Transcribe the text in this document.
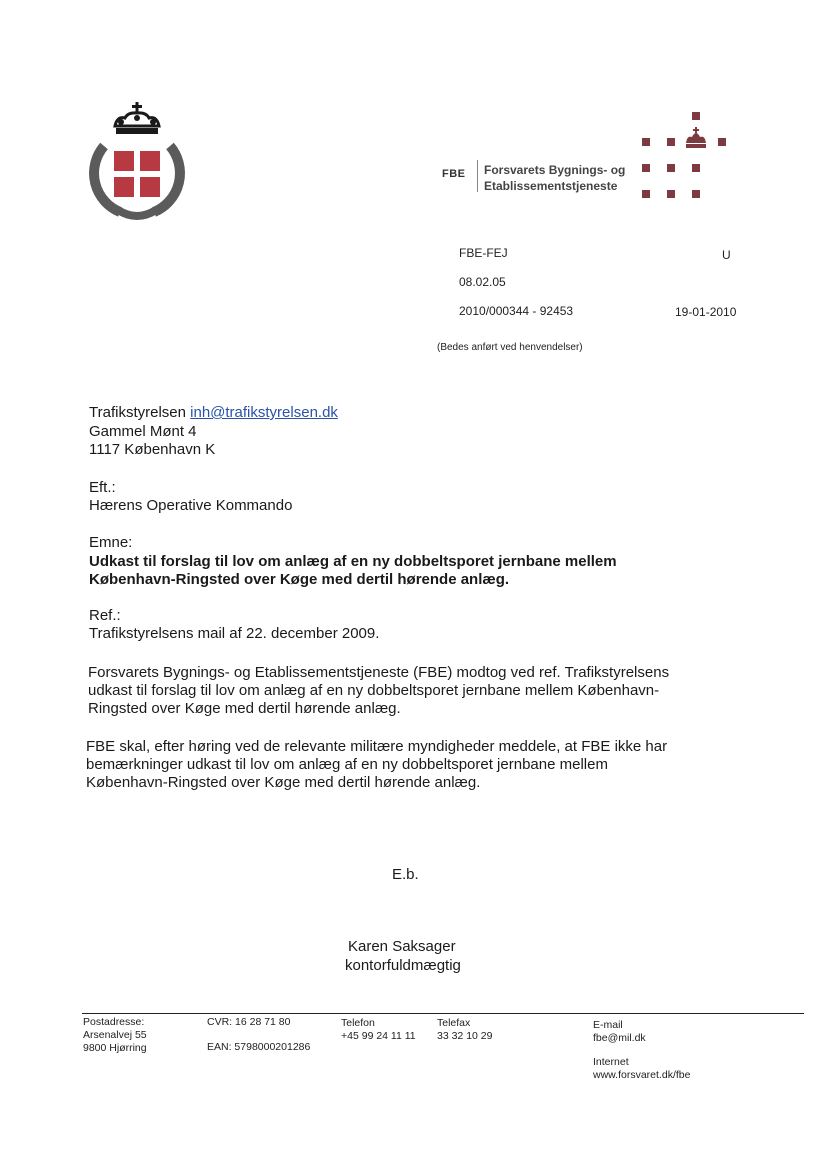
FBE Forsvarets Bygnings- og
Etablissementstjeneste
FBE-FEJ	U
08.02.05
2010/000344 - 92453	19-01-2010
(Bedes anført ved henvendelser)
Trafikstyrelsen inh@trafikstyrelsen.dk
Gammel Mønt 4
1117 København K
Eft.:
Hærens Operative Kommando
Emne:
Udkast til forslag til lov om anlæg af en ny dobbeltsporet jernbane mellem
København-Ringsted over Køge med dertil hørende anlæg.
Ref.:
Trafikstyrelsens mail af 22. december 2009.
Forsvarets Bygnings- og Etablissementstjeneste (FBE) modtog ved ref. Trafikstyrelsens
udkast til forslag til lov om anlæg af en ny dobbeltsporet jernbane mellem København-
Ringsted over Køge med dertil hørende anlæg.
FBE skal, efter høring ved de relevante militære myndigheder meddele, at FBE ikke har
bemærkninger udkast til lov om anlæg af en ny dobbeltsporet jernbane mellem
København-Ringsted over Køge med dertil hørende anlæg.
E.b.
Karen Saksager
kontorfuldmægtig
Postadresse:
Arsenalvej 55
9800 Hjørring
CVR: 16 28 71 80
EAN: 5798000201286
Telefon
+45 99 24 11 11
Telefax
33 32 10 29
E-mail
fbe@mil.dk
Internet
www.forsvaret.dk/fbe
